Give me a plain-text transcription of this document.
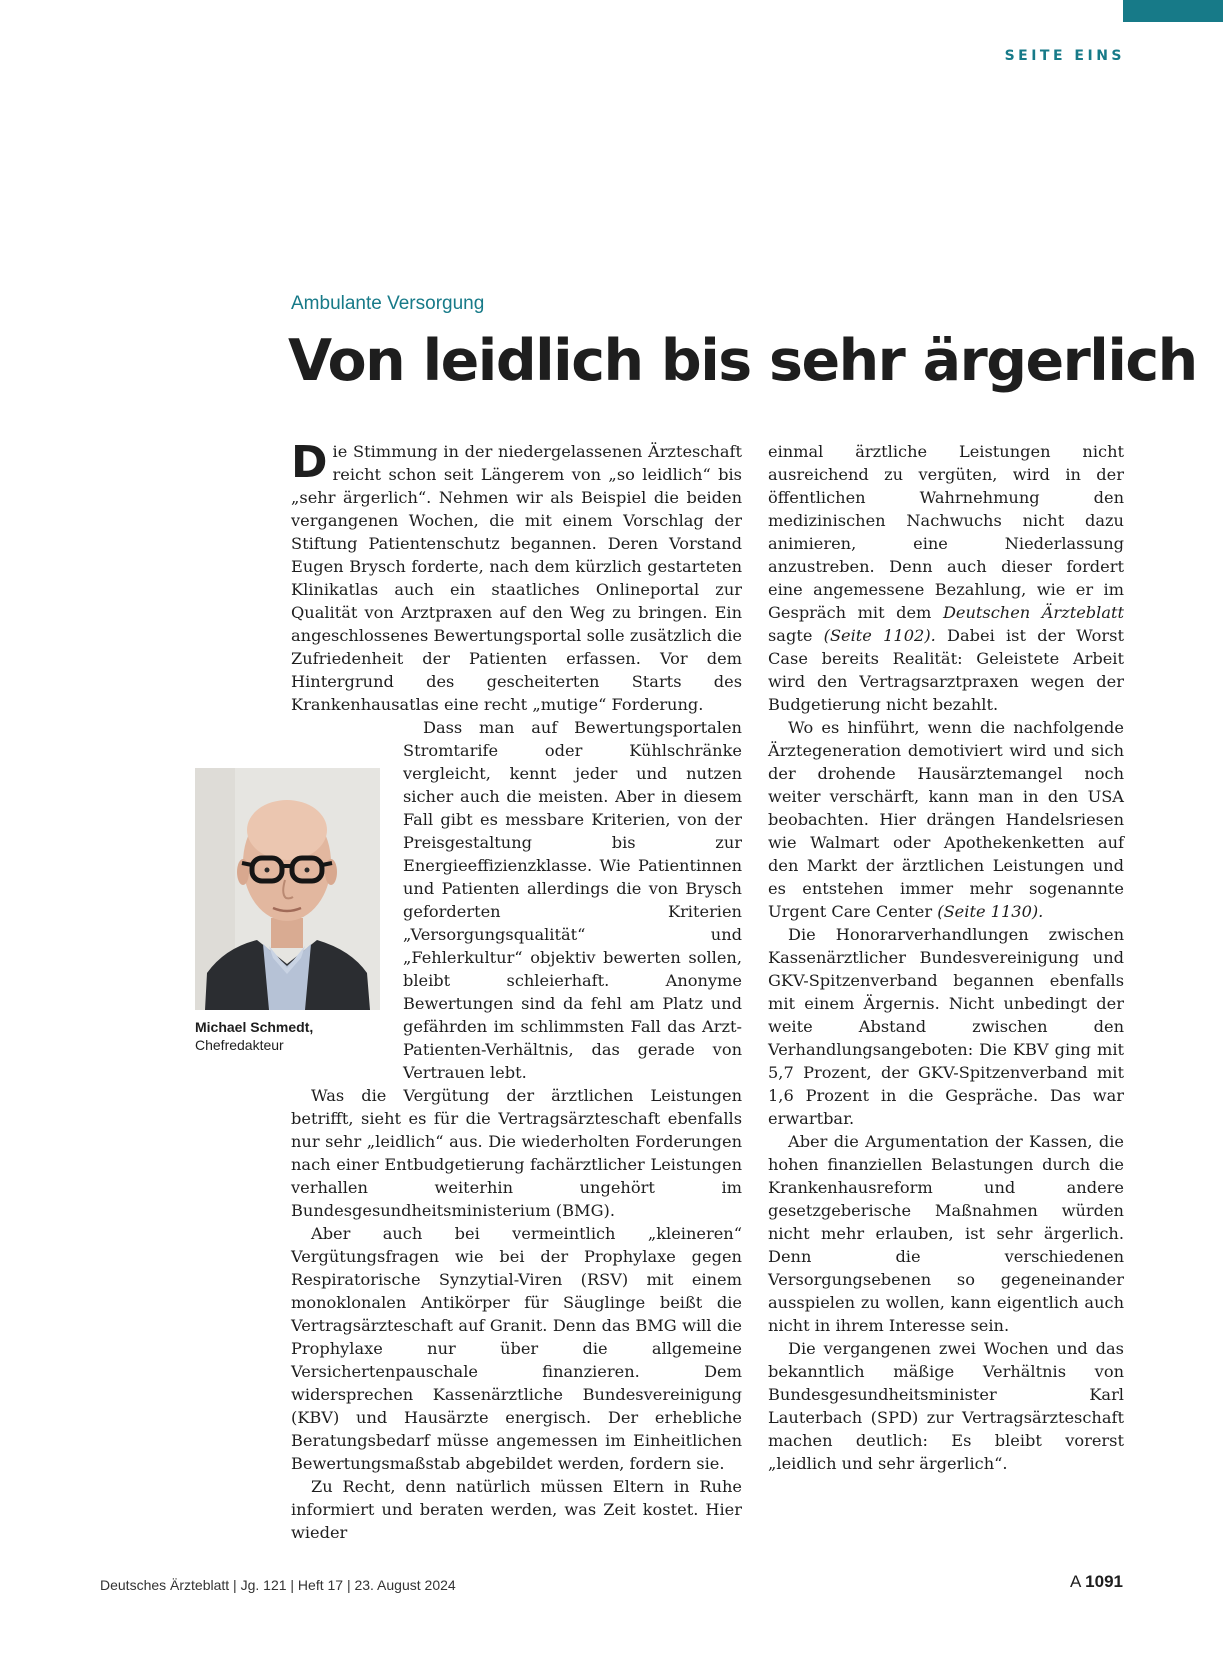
SEITE EINS
Ambulante Versorgung
Von leidlich bis sehr ärgerlich

Die Stimmung in der niedergelassenen Ärzteschaft reicht schon seit Längerem von „so leidlich“ bis „sehr ärgerlich“. Nehmen wir als Beispiel die beiden vergangenen Wochen, die mit einem Vorschlag der Stiftung Patientenschutz begannen. Deren Vorstand Eugen Brysch forderte, nach dem kürzlich gestarteten Klinikatlas auch ein staatliches Onlineportal zur Qualität von Arztpraxen auf den Weg zu bringen. Ein angeschlossenes Bewertungsportal solle zusätzlich die Zufriedenheit der Patienten erfassen. Vor dem Hintergrund des gescheiterten Starts des Krankenhausatlas eine recht „mutige“ Forderung.

Dass man auf Bewertungsportalen Stromtarife oder Kühlschränke vergleicht, kennt jeder und nutzen sicher auch die meisten. Aber in diesem Fall gibt es messbare Kriterien, von der Preisgestaltung bis zur Energieeffizienzklasse. Wie Patientinnen und Patienten allerdings die von Brysch geforderten Kriterien „Versorgungsqualität“ und „Fehlerkultur“ objektiv bewerten sollen, bleibt schleierhaft. Anonyme Bewertungen sind da fehl am Platz und gefährden im schlimmsten Fall das Arzt-Patienten-Verhältnis, das gerade von Vertrauen lebt.

Was die Vergütung der ärztlichen Leistungen betrifft, sieht es für die Vertragsärzteschaft ebenfalls nur sehr „leidlich“ aus. Die wiederholten Forderungen nach einer Entbudgetierung fachärztlicher Leistungen verhallen weiterhin ungehört im Bundesgesundheitsministerium (BMG).

Aber auch bei vermeintlich „kleineren“ Vergütungsfragen wie bei der Prophylaxe gegen Respiratorische Synzytial-Viren (RSV) mit einem monoklonalen Antikörper für Säuglinge beißt die Vertragsärzteschaft auf Granit. Denn das BMG will die Prophylaxe nur über die allgemeine Versichertenpauschale finanzieren. Dem widersprechen Kassenärztliche Bundesvereinigung (KBV) und Hausärzte energisch. Der erhebliche Beratungsbedarf müsse angemessen im Einheitlichen Bewertungsmaßstab abgebildet werden, fordern sie.

Zu Recht, denn natürlich müssen Eltern in Ruhe informiert und beraten werden, was Zeit kostet. Hier wieder

einmal ärztliche Leistungen nicht ausreichend zu vergüten, wird in der öffentlichen Wahrnehmung den medizinischen Nachwuchs nicht dazu animieren, eine Niederlassung anzustreben. Denn auch dieser fordert eine angemessene Bezahlung, wie er im Gespräch mit dem Deutschen Ärzteblatt sagte (Seite 1102). Dabei ist der Worst Case bereits Realität: Geleistete Arbeit wird den Vertragsarztpraxen wegen der Budgetierung nicht bezahlt.

Wo es hinführt, wenn die nachfolgende Ärztegeneration demotiviert wird und sich der drohende Hausärztemangel noch weiter verschärft, kann man in den USA beobachten. Hier drängen Handelsriesen wie Walmart oder Apothekenketten auf den Markt der ärztlichen Leistungen und es entstehen immer mehr sogenannte Urgent Care Center (Seite 1130).

Die Honorarverhandlungen zwischen Kassenärztlicher Bundesvereinigung und GKV-Spitzenverband begannen ebenfalls mit einem Ärgernis. Nicht unbedingt der weite Abstand zwischen den Verhandlungsangeboten: Die KBV ging mit 5,7 Prozent, der GKV-Spitzenverband mit 1,6 Prozent in die Gespräche. Das war erwartbar.

Aber die Argumentation der Kassen, die hohen finanziellen Belastungen durch die Krankenhausreform und andere gesetzgeberische Maßnahmen würden nicht mehr erlauben, ist sehr ärgerlich. Denn die verschiedenen Versorgungsebenen so gegeneinander ausspielen zu wollen, kann eigentlich auch nicht in ihrem Interesse sein.

Die vergangenen zwei Wochen und das bekanntlich mäßige Verhältnis von Bundesgesundheitsminister Karl Lauterbach (SPD) zur Vertragsärzteschaft machen deutlich: Es bleibt vorerst „leidlich und sehr ärgerlich“.

Michael Schmedt,
Chefredakteur
Deutsches Ärzteblatt | Jg. 121 | Heft 17 | 23. August 2024	A 1091
